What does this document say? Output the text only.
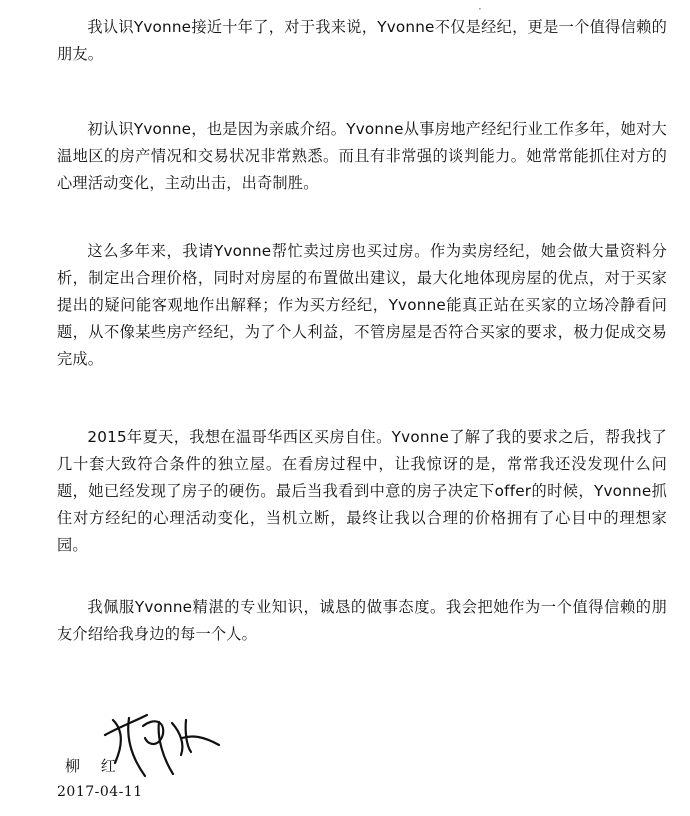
·

我认识Yvonne接近十年了，对于我来说，Yvonne不仅是经纪，更是一个值得信赖的朋友。

初认识Yvonne，也是因为亲戚介绍。Yvonne从事房地产经纪行业工作多年，她对大温地区的房产情况和交易状况非常熟悉。而且有非常强的谈判能力。她常常能抓住对方的心理活动变化，主动出击，出奇制胜。

这么多年来，我请Yvonne帮忙卖过房也买过房。作为卖房经纪，她会做大量资料分析，制定出合理价格，同时对房屋的布置做出建议，最大化地体现房屋的优点，对于买家提出的疑问能客观地作出解释；作为买方经纪，Yvonne能真正站在买家的立场冷静看问题，从不像某些房产经纪，为了个人利益，不管房屋是否符合买家的要求，极力促成交易完成。

2015年夏天，我想在温哥华西区买房自住。Yvonne了解了我的要求之后，帮我找了几十套大致符合条件的独立屋。在看房过程中，让我惊讶的是，常常我还没发现什么问题，她已经发现了房子的硬伤。最后当我看到中意的房子决定下offer的时候，Yvonne抓住对方经纪的心理活动变化，当机立断，最终让我以合理的价格拥有了心目中的理想家园。

我佩服Yvonne精湛的专业知识，诚恳的做事态度。我会把她作为一个值得信赖的朋友介绍给我身边的每一个人。

柳 红
2017-04-11
